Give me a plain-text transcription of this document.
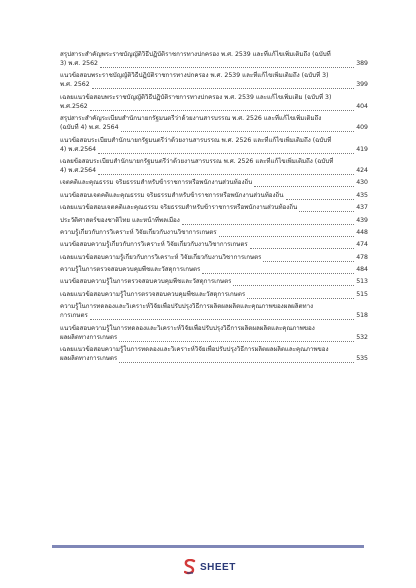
สรุปสาระสำคัญพระราชบัญญัติวิธีปฏิบัติราชการทางปกครอง พ.ศ. 2539 และที่แก้ไขเพิ่มเติมถึง (ฉบับที่
3) พ.ศ. 2562	389
แนวข้อสอบพระราชบัญญัติวิธีปฏิบัติราชการทางปกครอง พ.ศ. 2539 และที่แก้ไขเพิ่มเติมถึง (ฉบับที่ 3)
พ.ศ. 2562	399
เฉลยแนวข้อสอบพระราชบัญญัติวิธีปฏิบัติราชการทางปกครอง พ.ศ. 2539 และแก้ไขเพิ่มเติม (ฉบับที่ 3)
พ.ศ.2562	404
สรุปสาระสำคัญระเบียบสำนักนายกรัฐมนตรีว่าด้วยงานสารบรรณ พ.ศ. 2526 และที่แก้ไขเพิ่มเติมถึง
(ฉบับที่ 4) พ.ศ. 2564	409
แนวข้อสอบระเบียบสำนักนายกรัฐมนตรีว่าด้วยงานสารบรรณ พ.ศ. 2526 และที่แก้ไขเพิ่มเติมถึง (ฉบับที่
4) พ.ศ.2564	419
เฉลยข้อสอบระเบียบสำนักนายกรัฐมนตรีว่าด้วยงานสารบรรณ พ.ศ. 2526 และที่แก้ไขเพิ่มเติมถึง (ฉบับที่
4) พ.ศ.2564	424
เจตคติและคุณธรรม จริยธรรมสำหรับข้าราชการหรือพนักงานส่วนท้องถิ่น	430
แนวข้อสอบเจตคติและคุณธรรม จริยธรรมสำหรับข้าราชการหรือพนักงานส่วนท้องถิ่น	435
เฉลยแนวข้อสอบเจตคติและคุณธรรม จริยธรรมสำหรับข้าราชการหรือพนักงานส่วนท้องถิ่น	437
ประวัติศาสตร์ของชาติไทย และหน้าที่พลเมือง	439
ความรู้เกี่ยวกับการวิเคราะห์ วิจัยเกี่ยวกับงานวิชาการเกษตร	448
แนวข้อสอบความรู้เกี่ยวกับการวิเคราะห์ วิจัยเกี่ยวกับงานวิชาการเกษตร	474
เฉลยแนวข้อสอบความรู้เกี่ยวกับการวิเคราะห์ วิจัยเกี่ยวกับงานวิชาการเกษตร	478
ความรู้ในการตรวจสอบควบคุมพืชและวัสดุการเกษตร	484
แนวข้อสอบความรู้ในการตรวจสอบควบคุมพืชและวัสดุการเกษตร	513
เฉลยแนวข้อสอบความรู้ในการตรวจสอบควบคุมพืชและวัสดุการเกษตร	515
ความรู้ในการทดลองและวิเคราะห์วิจัยเพื่อปรับปรุงวิธีการผลิตผลผลิตและคุณภาพของผลผลิตทาง
การเกษตร	518
แนวข้อสอบความรู้ในการทดลองและวิเคราะห์วิจัยเพื่อปรับปรุงวิธีการผลิตผลผลิตและคุณภาพของ
ผลผลิตทางการเกษตร	532
เฉลยแนวข้อสอบความรู้ในการทดลองและวิเคราะห์วิจัยเพื่อปรับปรุงวิธีการผลิตผลผลิตและคุณภาพของ
ผลผลิตทางการเกษตร	535
SHEET
